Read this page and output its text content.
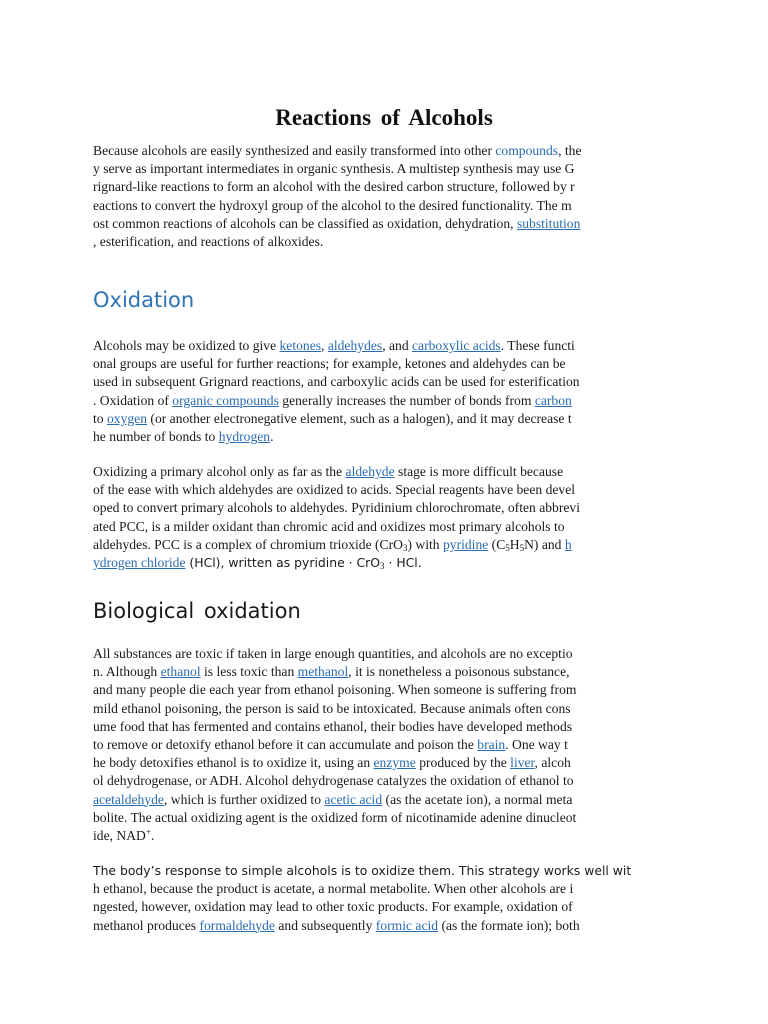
Reactions of Alcohols
Because alcohols are easily synthesized and easily transformed into other compounds, the
y serve as important intermediates in organic synthesis. A multistep synthesis may use G
rignard-like reactions to form an alcohol with the desired carbon structure, followed by r
eactions to convert the hydroxyl group of the alcohol to the desired functionality. The m
ost common reactions of alcohols can be classified as oxidation, dehydration, substitution
, esterification, and reactions of alkoxides.
Oxidation
Alcohols may be oxidized to give ketones, aldehydes, and carboxylic acids. These functi
onal groups are useful for further reactions; for example, ketones and aldehydes can be
used in subsequent Grignard reactions, and carboxylic acids can be used for esterification
. Oxidation of organic compounds generally increases the number of bonds from carbon
to oxygen (or another electronegative element, such as a halogen), and it may decrease t
he number of bonds to hydrogen.
Oxidizing a primary alcohol only as far as the aldehyde stage is more difficult because
of the ease with which aldehydes are oxidized to acids. Special reagents have been devel
oped to convert primary alcohols to aldehydes. Pyridinium chlorochromate, often abbrevi
ated PCC, is a milder oxidant than chromic acid and oxidizes most primary alcohols to
aldehydes. PCC is a complex of chromium trioxide (CrO$_3$) with pyridine $(C_5H_5N)$ and h
ydrogen chloride (HCl), written as pyridine · CrO$_3$ · HCl.
Biological oxidation
All substances are toxic if taken in large enough quantities, and alcohols are no exceptio
n. Although ethanol is less toxic than methanol, it is nonetheless a poisonous substance,
and many people die each year from ethanol poisoning. When someone is suffering from
mild ethanol poisoning, the person is said to be intoxicated. Because animals often cons
ume food that has fermented and contains ethanol, their bodies have developed methods
to remove or detoxify ethanol before it can accumulate and poison the brain. One way t
he body detoxifies ethanol is to oxidize it, using an enzyme produced by the liver, alcoh
ol dehydrogenase, or ADH. Alcohol dehydrogenase catalyzes the oxidation of ethanol to
acetaldehyde, which is further oxidized to acetic acid (as the acetate ion), a normal meta
bolite. The actual oxidizing agent is the oxidized form of nicotinamide adenine dinucleot
ide, NAD+.
The body’s response to simple alcohols is to oxidize them. This strategy works well wit
h ethanol, because the product is acetate, a normal metabolite. When other alcohols are i
ngested, however, oxidation may lead to other toxic products. For example, oxidation of
methanol produces formaldehyde and subsequently formic acid (as the formate ion); both
